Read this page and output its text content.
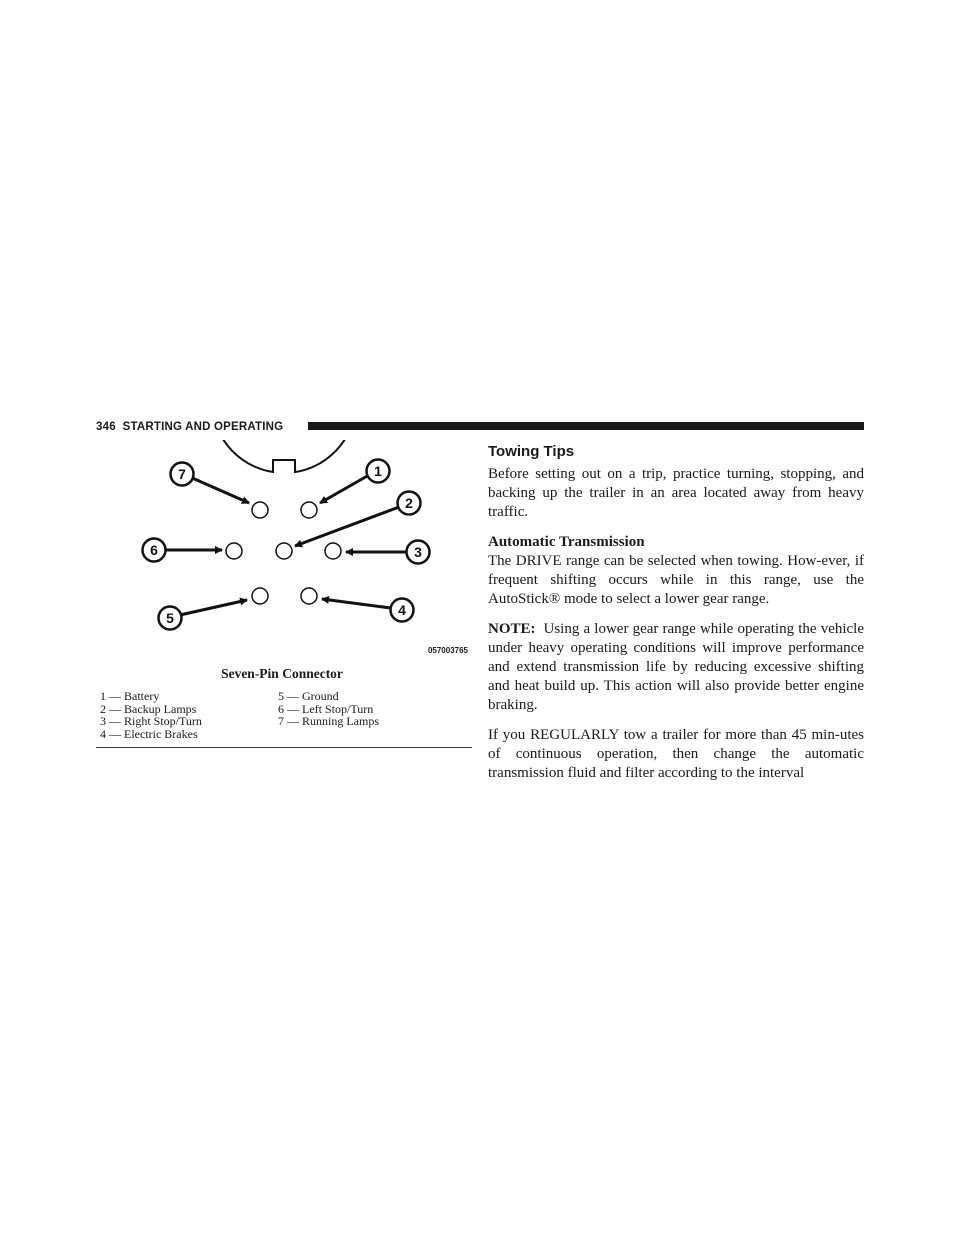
346 STARTING AND OPERATING
7	1
2
6	3
5	4
057003765
Seven-Pin Connector
1 — Battery
2 — Backup Lamps
3 — Right Stop/Turn
4 — Electric Brakes
5 — Ground
6 — Left Stop/Turn
7 — Running Lamps
Towing Tips

Before setting out on a trip, practice turning, stopping, and backing up the trailer in an area located away from heavy traffic.

Automatic Transmission

The DRIVE range can be selected when towing. How-ever, if frequent shifting occurs while in this range, use the AutoStick® mode to select a lower gear range.

NOTE: Using a lower gear range while operating the vehicle under heavy operating conditions will improve performance and extend transmission life by reducing excessive shifting and heat build up. This action will also provide better engine braking.

If you REGULARLY tow a trailer for more than 45 min-utes of continuous operation, then change the automatic transmission fluid and filter according to the interval
